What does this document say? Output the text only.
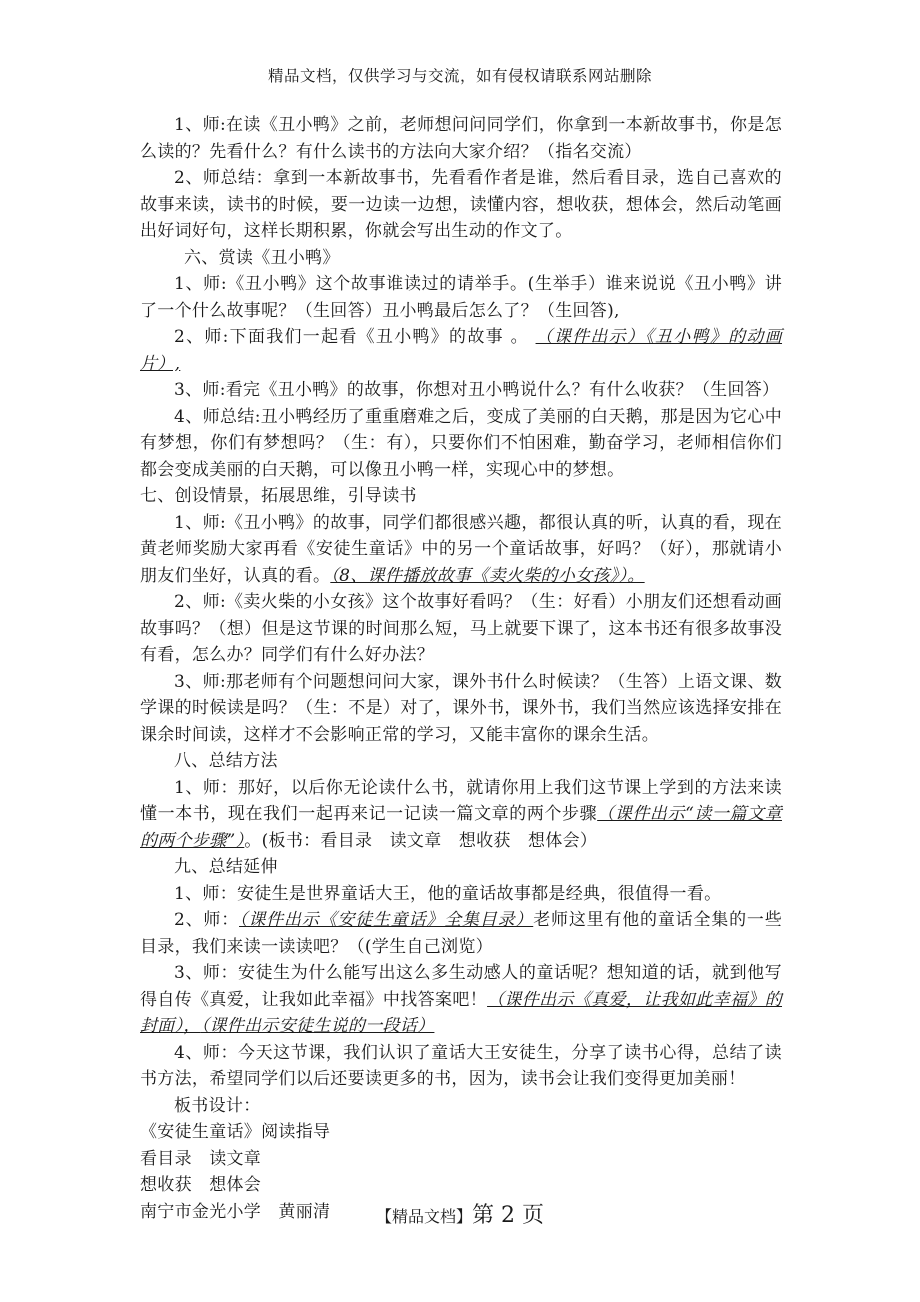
精品文档，仅供学习与交流，如有侵权请联系网站删除

1、师:在读《丑小鸭》之前，老师想问问同学们，你拿到一本新故事书，你是怎么读的？先看什么？有什么读书的方法向大家介绍？（指名交流）

2、师总结：拿到一本新故事书，先看看作者是谁，然后看目录，选自己喜欢的故事来读，读书的时候，要一边读一边想，读懂内容，想收获，想体会，然后动笔画出好词好句，这样长期积累，你就会写出生动的作文了。

六、赏读《丑小鸭》

1、师:《丑小鸭》这个故事谁读过的请举手。(生举手）谁来说说《丑小鸭》讲了一个什么故事呢？（生回答）丑小鸭最后怎么了？（生回答),

2、师:下面我们一起看《丑小鸭》的故事 。 （课件出示）《丑小鸭》的动画片）,

3、师:看完《丑小鸭》的故事，你想对丑小鸭说什么？有什么收获？（生回答）

4、师总结:丑小鸭经历了重重磨难之后，变成了美丽的白天鹅，那是因为它心中有梦想，你们有梦想吗？（生：有），只要你们不怕困难，勤奋学习，老师相信你们都会变成美丽的白天鹅，可以像丑小鸭一样，实现心中的梦想。

七、创设情景，拓展思维，引导读书

1、师:《丑小鸭》的故事，同学们都很感兴趣，都很认真的听，认真的看，现在黄老师奖励大家再看《安徒生童话》中的另一个童话故事，好吗？（好），那就请小朋友们坐好，认真的看。（8、课件播放故事《卖火柴的小女孩》）。

2、师:《卖火柴的小女孩》这个故事好看吗？（生：好看）小朋友们还想看动画故事吗？（想）但是这节课的时间那么短，马上就要下课了，这本书还有很多故事没有看，怎么办？同学们有什么好办法？

3、师:那老师有个问题想问问大家，课外书什么时候读？（生答）上语文课、数学课的时候读是吗？（生：不是）对了，课外书，课外书，我们当然应该选择安排在课余时间读，这样才不会影响正常的学习，又能丰富你的课余生活。

八、总结方法

1、师：那好，以后你无论读什么书，就请你用上我们这节课上学到的方法来读懂一本书，现在我们一起再来记一记读一篇文章的两个步骤（课件出示“读一篇文章的两个步骤”）。(板书：看目录　读文章　想收获　想体会）

九、总结延伸

1、师：安徒生是世界童话大王，他的童话故事都是经典，很值得一看。

2、师：（课件出示《安徒生童话》全集目录）老师这里有他的童话全集的一些目录，我们来读一读读吧？（(学生自己浏览）

3、师：安徒生为什么能写出这么多生动感人的童话呢？想知道的话，就到他写得自传《真爱，让我如此幸福》中找答案吧！（课件出示《真爱，让我如此幸福》的封面），（课件出示安徒生说的一段话）

4、师：今天这节课，我们认识了童话大王安徒生，分享了读书心得，总结了读书方法，希望同学们以后还要读更多的书，因为，读书会让我们变得更加美丽！

板书设计：

《安徒生童话》阅读指导

看目录　读文章

想收获　想体会

南宁市金光小学　黄丽清	【精品文档】第 2 页
